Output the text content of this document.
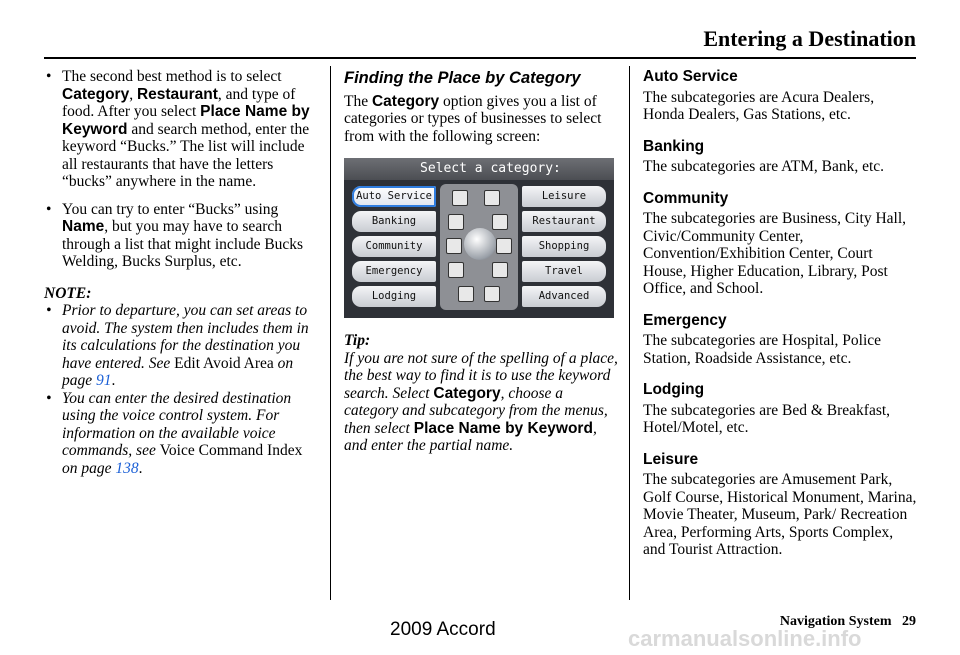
Entering a Destination

• The second best method is to select Category, Restaurant, and type of food. After you select Place Name by Keyword and search method, enter the keyword “Bucks.” The list will include all restaurants that have the letters “bucks” anywhere in the name.

• You can try to enter “Bucks” using Name, but you may have to search through a list that might include Bucks Welding, Bucks Surplus, etc.

NOTE:

• Prior to departure, you can set areas to avoid. The system then includes them in its calculations for the destination you have entered. See Edit Avoid Area on page 91.

• You can enter the desired destination using the voice control system. For information on the available voice commands, see Voice Command Index on page 138.

Finding the Place by Category

The Category option gives you a list of categories or types of businesses to select from with the following screen:

Select a category:
Auto Service
Banking
Community
Emergency
Lodging
Leisure
Restaurant
Shopping
Travel
Advanced

Tip:

If you are not sure of the spelling of a place, the best way to find it is to use the keyword search. Select Category, choose a category and subcategory from the menus, then select Place Name by Keyword, and enter the partial name.

Auto Service

The subcategories are Acura Dealers, Honda Dealers, Gas Stations, etc.

Banking

The subcategories are ATM, Bank, etc.

Community

The subcategories are Business, City Hall, Civic/Community Center, Convention/Exhibition Center, Court House, Higher Education, Library, Post Office, and School.

Emergency

The subcategories are Hospital, Police Station, Roadside Assistance, etc.

Lodging

The subcategories are Bed & Breakfast, Hotel/Motel, etc.

Leisure

The subcategories are Amusement Park, Golf Course, Historical Monument, Marina, Movie Theater, Museum, Park/ Recreation Area, Performing Arts, Sports Complex, and Tourist Attraction.

Navigation System 29
2009 Accord	carmanualsonline.info
